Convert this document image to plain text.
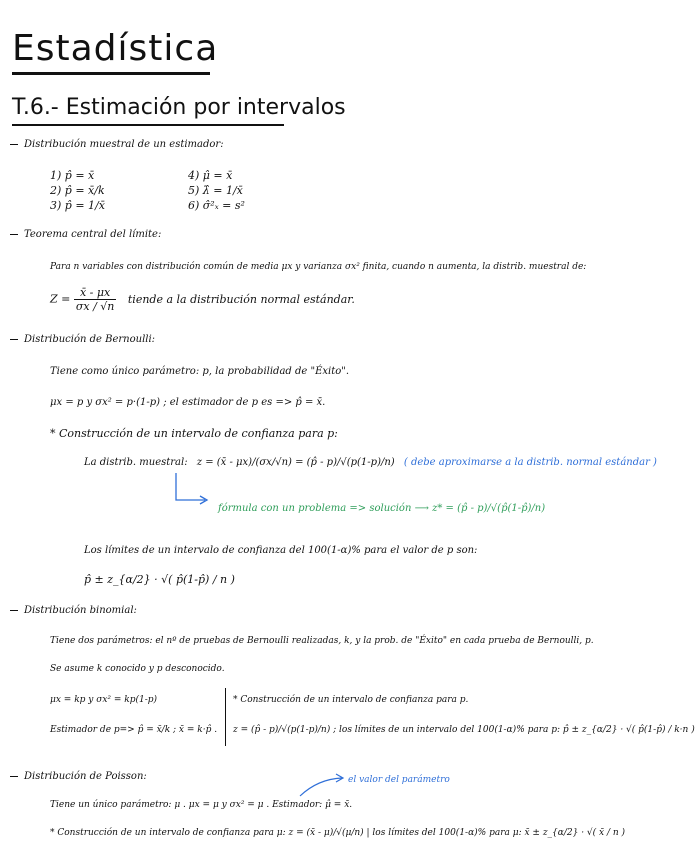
Estadística
T.6.- Estimación por intervalos
Distribución muestral de un estimador:
1) p̂ = x̄
2) p̂ = x̄/k
3) p̂ = 1/x̄
4) μ̂ = x̄
5) λ̂ = 1/x̄
6) σ̂²ₓ = s²
Teorema central del límite:
Para n variables con distribución común de media μx y varianza σx² finita, cuando n aumenta, la distrib. muestral de:
$Z = \frac{x̄ - \mu x}{\sigma x / √n}$ tiende a la distribución normal estándar.
Distribución de Bernoulli:
Tiene como único parámetro: p, la probabilidad de "Éxito".
μx = p y σx² = p·(1-p) ; el estimador de p es => p̂ = x̄.
* Construcción de un intervalo de confianza para p:
La distrib. muestral: z = (x̄ - μx)/(σx/√n) = (p̂ - p)/√(p(1-p)/n) ( debe aproximarse a la distrib. normal estándar )
fórmula con un problema => solución ⟶ z* = (p̂ - p)/√(p̂(1-p̂)/n)
Los límites de un intervalo de confianza del 100(1-α)% para el valor de p son:
p̂ ± z_{α/2} · √( p̂(1-p̂) / n )
Distribución binomial:
Tiene dos parámetros: el nº de pruebas de Bernoulli realizadas, k, y la prob. de "Éxito" en cada prueba de Bernoulli, p.
Se asume k conocido y p desconocido.
μx = kp y σx² = kp(1-p)
Estimador de p=> p̂ = x̄/k ; x̄ = k·p̂ .
* Construcción de un intervalo de confianza para p.
z = (p̂ - p)/√(p(1-p)/n) ; los límites de un intervalo del 100(1-α)% para p: p̂ ± z_{α/2} · √( p̂(1-p̂) / k·n )
Distribución de Poisson:	el valor del parámetro
Tiene un único parámetro: μ . μx = μ y σx² = μ . Estimador: μ̂ = x̄.
* Construcción de un intervalo de confianza para μ: z = (x̄ - μ)/√(μ/n) | los límites del 100(1-α)% para μ: x̄ ± z_{α/2} · √( x̄ / n )
